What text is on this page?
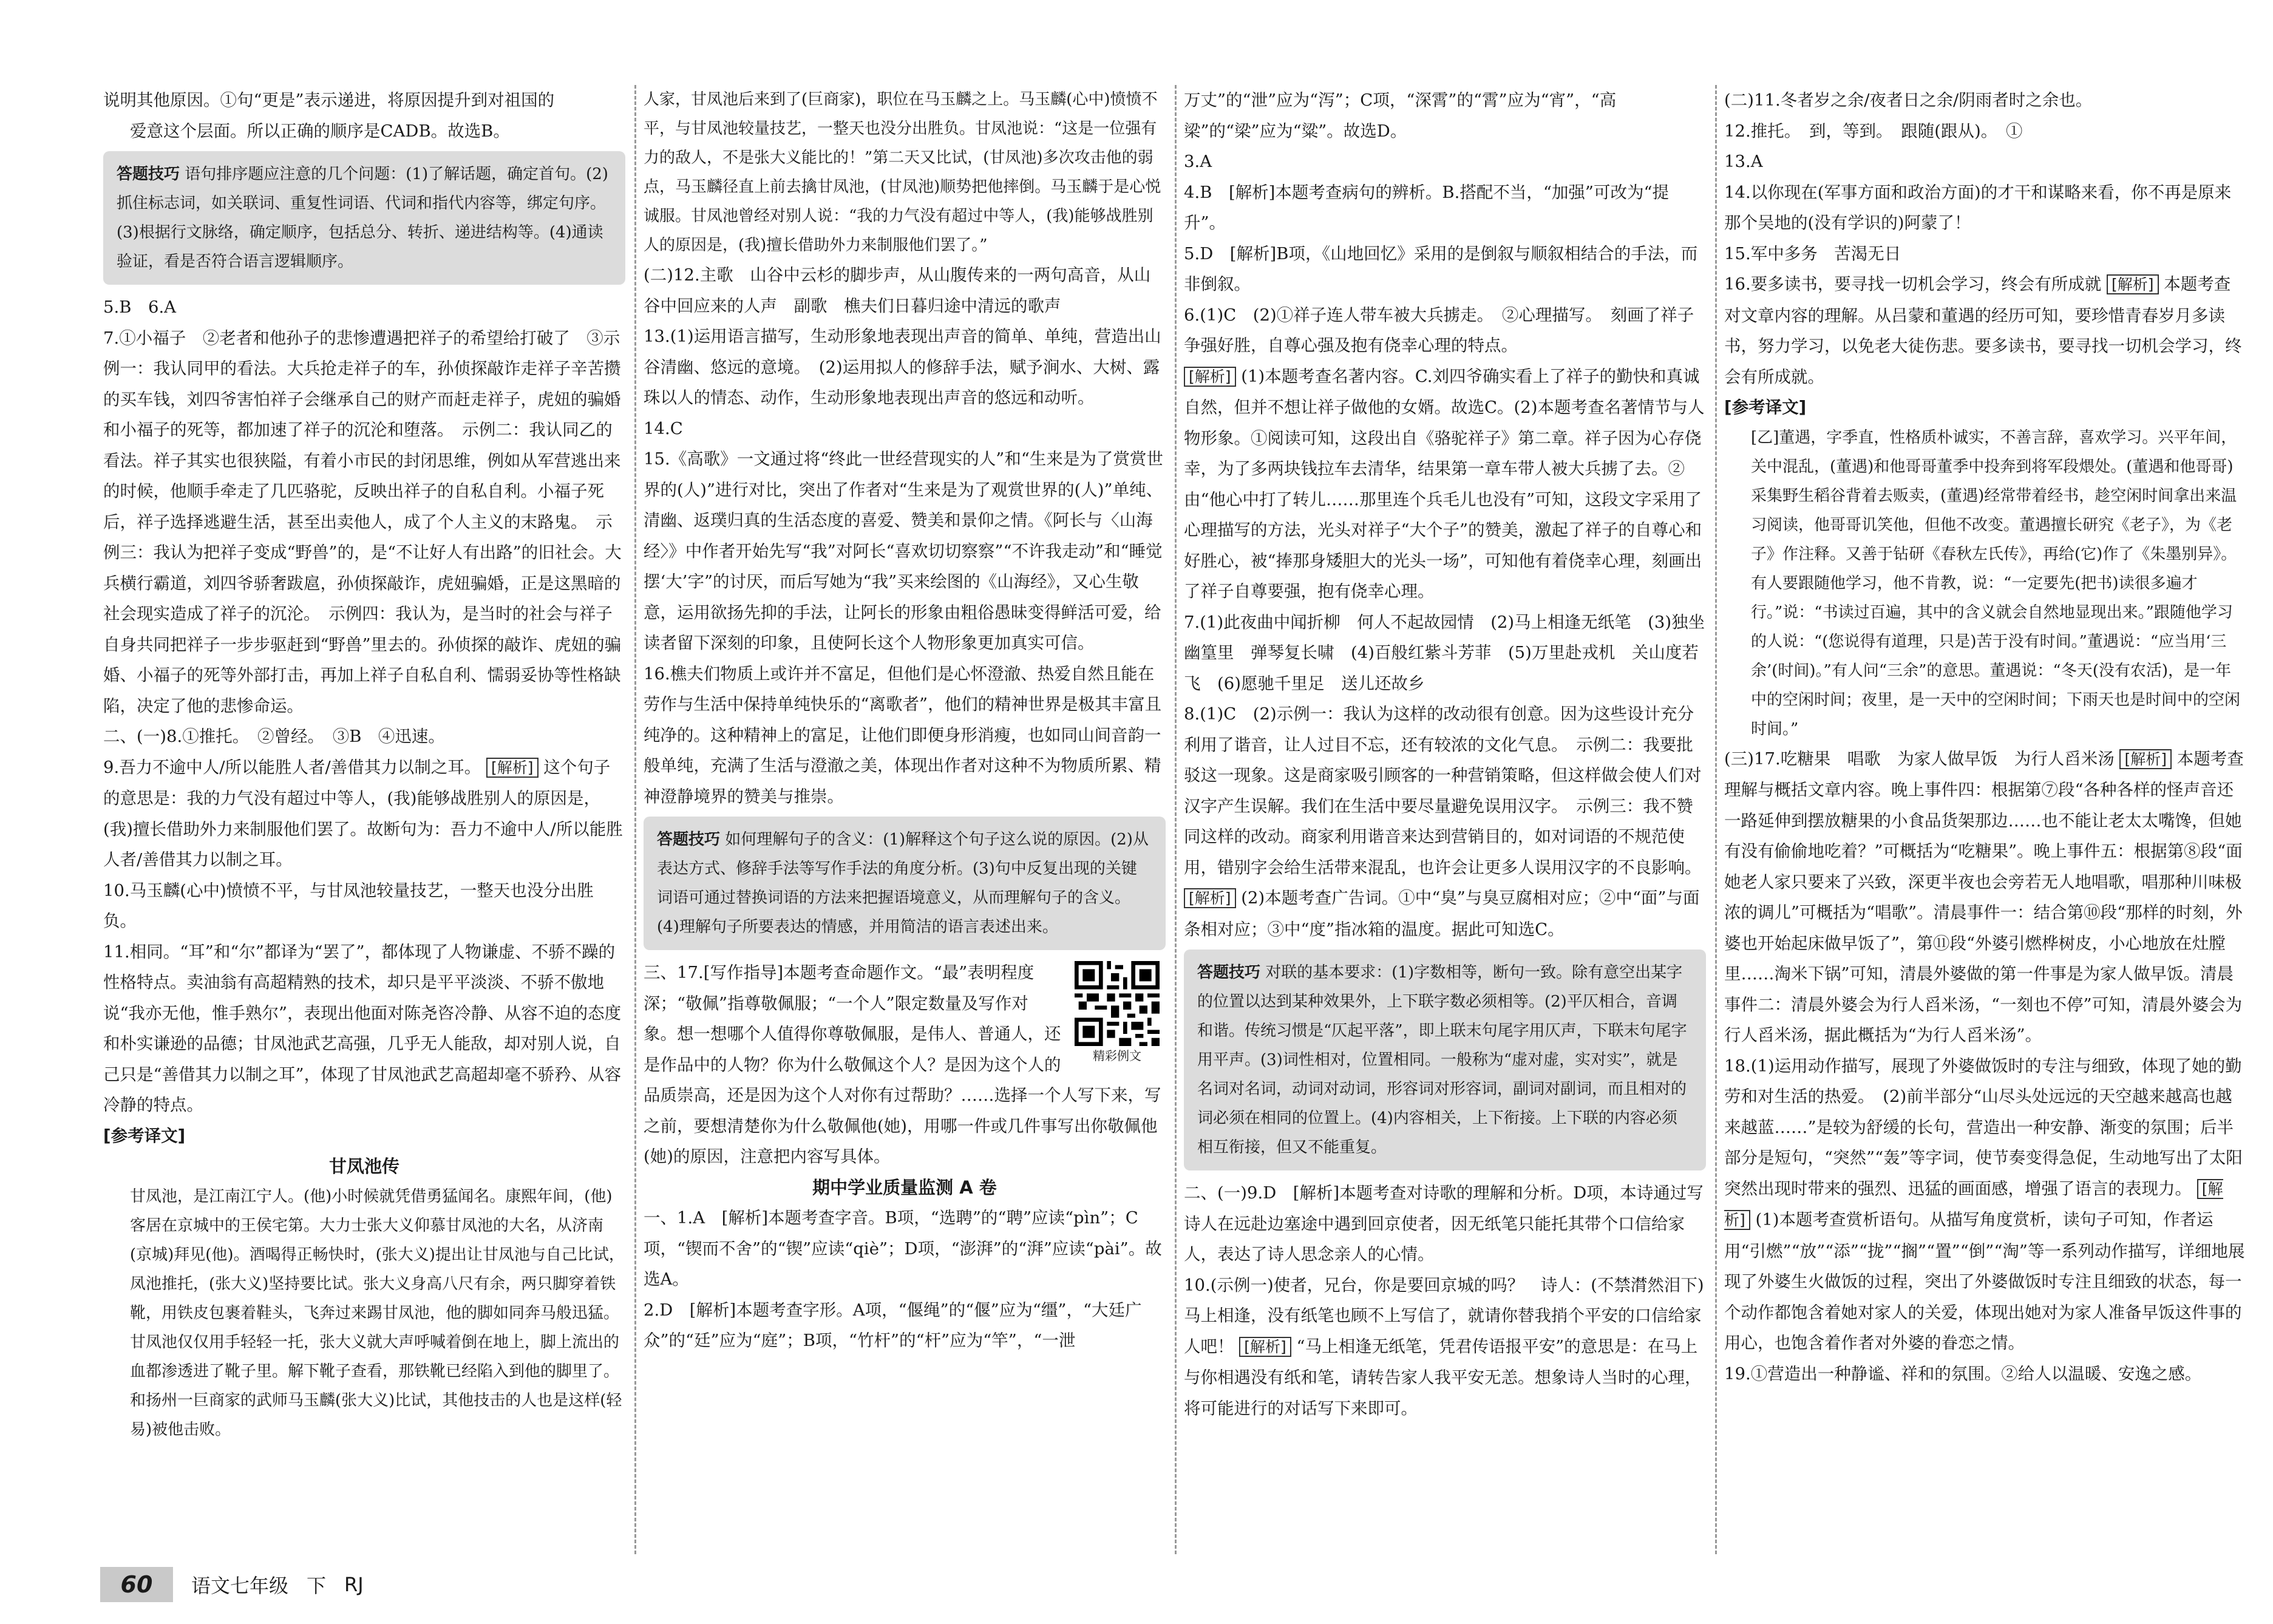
说明其他原因。①句“更是”表示递进，将原因提升到对祖国的

爱意这个层面。所以正确的顺序是CADB。故选B。

答题技巧 语句排序题应注意的几个问题：(1)了解话题，确定首句。(2)抓住标志词，如关联词、重复性词语、代词和指代内容等，绑定句序。(3)根据行文脉络，确定顺序，包括总分、转折、递进结构等。(4)通读验证，看是否符合语言逻辑顺序。

5.B　6.A

7.①小福子　②老者和他孙子的悲惨遭遇把祥子的希望给打破了　③示例一：我认同甲的看法。大兵抢走祥子的车，孙侦探敲诈走祥子辛苦攒的买车钱，刘四爷害怕祥子会继承自己的财产而赶走祥子，虎妞的骗婚和小福子的死等，都加速了祥子的沉沦和堕落。　示例二：我认同乙的看法。祥子其实也很狭隘，有着小市民的封闭思维，例如从军营逃出来的时候，他顺手牵走了几匹骆驼，反映出祥子的自私自利。小福子死后，祥子选择逃避生活，甚至出卖他人，成了个人主义的末路鬼。　示例三：我认为把祥子变成“野兽”的，是“不让好人有出路”的旧社会。大兵横行霸道，刘四爷骄奢跋扈，孙侦探敲诈，虎妞骗婚，正是这黑暗的社会现实造成了祥子的沉沦。　示例四：我认为，是当时的社会与祥子自身共同把祥子一步步驱赶到“野兽”里去的。孙侦探的敲诈、虎妞的骗婚、小福子的死等外部打击，再加上祥子自私自利、懦弱妥协等性格缺陷，决定了他的悲惨命运。

二、(一)8.①推托。　②曾经。　③B　④迅速。

9.吾力不逾中人/所以能胜人者/善借其力以制之耳。 [解析] 这个句子的意思是：我的力气没有超过中等人，(我)能够战胜别人的原因是，(我)擅长借助外力来制服他们罢了。故断句为：吾力不逾中人/所以能胜人者/善借其力以制之耳。

10.马玉麟(心中)愤愤不平，与甘凤池较量技艺，一整天也没分出胜负。

11.相同。“耳”和“尔”都译为“罢了”，都体现了人物谦虚、不骄不躁的性格特点。卖油翁有高超精熟的技术，却只是平平淡淡、不骄不傲地说“我亦无他，惟手熟尔”，表现出他面对陈尧咨冷静、从容不迫的态度和朴实谦逊的品德；甘凤池武艺高强，几乎无人能敌，却对别人说，自己只是“善借其力以制之耳”，体现了甘凤池武艺高超却毫不骄矜、从容冷静的特点。

[参考译文]

甘凤池传

甘凤池，是江南江宁人。(他)小时候就凭借勇猛闻名。康熙年间，(他)客居在京城中的王侯宅第。大力士张大义仰慕甘凤池的大名，从济南(京城)拜见(他)。酒喝得正畅快时，(张大义)提出让甘凤池与自己比试，凤池推托，(张大义)坚持要比试。张大义身高八尺有余，两只脚穿着铁靴，用铁皮包裹着鞋头，飞奔过来踢甘凤池，他的脚如同奔马般迅猛。甘凤池仅仅用手轻轻一托，张大义就大声呼喊着倒在地上，脚上流出的血都渗透进了靴子里。解下靴子查看，那铁靴已经陷入到他的脚里了。和扬州一巨商家的武师马玉麟(张大义)比试，其他技击的人也是这样(轻易)被他击败。

人家，甘凤池后来到了(巨商家)，职位在马玉麟之上。马玉麟(心中)愤愤不平，与甘凤池较量技艺，一整天也没分出胜负。甘凤池说：“这是一位强有力的敌人，不是张大义能比的！”第二天又比试，(甘凤池)多次攻击他的弱点，马玉麟径直上前去擒甘凤池，(甘凤池)顺势把他摔倒。马玉麟于是心悦诚服。甘凤池曾经对别人说：“我的力气没有超过中等人，(我)能够战胜别人的原因是，(我)擅长借助外力来制服他们罢了。”

(二)12.主歌　山谷中云杉的脚步声，从山腹传来的一两句高音，从山谷中回应来的人声　副歌　樵夫们日暮归途中清远的歌声

13.(1)运用语言描写，生动形象地表现出声音的简单、单纯，营造出山谷清幽、悠远的意境。　(2)运用拟人的修辞手法，赋予涧水、大树、露珠以人的情态、动作，生动形象地表现出声音的悠远和动听。

14.C

15.《高歌》一文通过将“终此一世经营现实的人”和“生来是为了赏赏世界的(人)”进行对比，突出了作者对“生来是为了观赏世界的(人)”单纯、清幽、返璞归真的生活态度的喜爱、赞美和景仰之情。《阿长与〈山海经〉》中作者开始先写“我”对阿长“喜欢切切察察”“不许我走动”和“睡觉摆‘大’字”的讨厌，而后写她为“我”买来绘图的《山海经》，又心生敬意，运用欲扬先抑的手法，让阿长的形象由粗俗愚昧变得鲜活可爱，给读者留下深刻的印象，且使阿长这个人物形象更加真实可信。

16.樵夫们物质上或许并不富足，但他们是心怀澄澈、热爱自然且能在劳作与生活中保持单纯快乐的“离歌者”，他们的精神世界是极其丰富且纯净的。这种精神上的富足，让他们即便身形消瘦，也如同山间音韵一般单纯，充满了生活与澄澈之美，体现出作者对这种不为物质所累、精神澄静境界的赞美与推崇。

答题技巧 如何理解句子的含义：(1)解释这个句子这么说的原因。(2)从表达方式、修辞手法等写作手法的角度分析。(3)句中反复出现的关键词语可通过替换词语的方法来把握语境意义，从而理解句子的含义。(4)理解句子所要表达的情感，并用简洁的语言表述出来。
精彩例文

三、17.[写作指导]本题考查命题作文。“最”表明程度深；“敬佩”指尊敬佩服；“一个人”限定数量及写作对象。想一想哪个人值得你尊敬佩服，是伟人、普通人，还是作品中的人物？你为什么敬佩这个人？是因为这个人的品质崇高，还是因为这个人对你有过帮助？……选择一个人写下来，写之前，要想清楚你为什么敬佩他(她)，用哪一件或几件事写出你敬佩他(她)的原因，注意把内容写具体。

期中学业质量监测 A 卷

一、1.A　[解析]本题考查字音。B项，“选聘”的“聘”应读“pìn”；C项，“锲而不舍”的“锲”应读“qiè”；D项，“澎湃”的“湃”应读“pài”。故选A。

2.D　[解析]本题考查字形。A项，“偃绳”的“偃”应为“缰”，“大廷广众”的“廷”应为“庭”；B项，“竹杆”的“杆”应为“竿”，“一泄

万丈”的“泄”应为“泻”；C项，“深霄”的“霄”应为“宵”，“高梁”的“梁”应为“粱”。故选D。

3.A

4.B　[解析]本题考查病句的辨析。B.搭配不当，“加强”可改为“提升”。

5.D　[解析]B项，《山地回忆》采用的是倒叙与顺叙相结合的手法，而非倒叙。

6.(1)C　(2)①祥子连人带车被大兵掳走。　②心理描写。　刻画了祥子争强好胜，自尊心强及抱有侥幸心理的特点。

[解析] (1)本题考查名著内容。C.刘四爷确实看上了祥子的勤快和真诚自然，但并不想让祥子做他的女婿。故选C。(2)本题考查名著情节与人物形象。①阅读可知，这段出自《骆驼祥子》第二章。祥子因为心存侥幸，为了多两块钱拉车去清华，结果第一章车带人被大兵掳了去。②由“他心中打了转儿……那里连个兵毛儿也没有”可知，这段文字采用了心理描写的方法，光头对祥子“大个子”的赞美，激起了祥子的自尊心和好胜心，被“捧那身矮胆大的光头一场”，可知他有着侥幸心理，刻画出了祥子自尊要强，抱有侥幸心理。

7.(1)此夜曲中闻折柳　何人不起故园情　(2)马上相逢无纸笔　(3)独坐幽篁里　弹琴复长啸　(4)百般红紫斗芳菲　(5)万里赴戎机　关山度若飞　(6)愿驰千里足　送儿还故乡

8.(1)C　(2)示例一：我认为这样的改动很有创意。因为这些设计充分利用了谐音，让人过目不忘，还有较浓的文化气息。　示例二：我要批驳这一现象。这是商家吸引顾客的一种营销策略，但这样做会使人们对汉字产生误解。我们在生活中要尽量避免误用汉字。　示例三：我不赞同这样的改动。商家利用谐音来达到营销目的，如对词语的不规范使用，错别字会给生活带来混乱，也许会让更多人误用汉字的不良影响。

[解析] (2)本题考查广告词。①中“臭”与臭豆腐相对应；②中“面”与面条相对应；③中“度”指冰箱的温度。据此可知选C。

答题技巧 对联的基本要求：(1)字数相等，断句一致。除有意空出某字的位置以达到某种效果外，上下联字数必须相等。(2)平仄相合，音调和谐。传统习惯是“仄起平落”，即上联末句尾字用仄声，下联末句尾字用平声。(3)词性相对，位置相同。一般称为“虚对虚，实对实”，就是名词对名词，动词对动词，形容词对形容词，副词对副词，而且相对的词必须在相同的位置上。(4)内容相关，上下衔接。上下联的内容必须相互衔接，但又不能重复。

二、(一)9.D　[解析]本题考查对诗歌的理解和分析。D项，本诗通过写诗人在远赴边塞途中遇到回京使者，因无纸笔只能托其带个口信给家人，表达了诗人思念亲人的心情。

10.(示例一)使者，兄台，你是要回京城的吗？　诗人：(不禁潸然泪下)马上相逢，没有纸笔也顾不上写信了，就请你替我捎个平安的口信给家人吧！ [解析] “马上相逢无纸笔，凭君传语报平安”的意思是：在马上与你相遇没有纸和笔，请转告家人我平安无恙。想象诗人当时的心理，将可能进行的对话写下来即可。

(二)11.冬者岁之余/夜者日之余/阴雨者时之余也。

12.推托。　到，等到。　跟随(跟从)。　①

13.A

14.以你现在(军事方面和政治方面)的才干和谋略来看，你不再是原来那个吴地的(没有学识的)阿蒙了！

15.军中多务　苦渴无日

16.要多读书，要寻找一切机会学习，终会有所成就 [解析] 本题考查对文章内容的理解。从吕蒙和董遇的经历可知，要珍惜青春岁月多读书，努力学习，以免老大徒伤悲。要多读书，要寻找一切机会学习，终会有所成就。

[参考译文]

[乙]董遇，字季直，性格质朴诚实，不善言辞，喜欢学习。兴平年间，关中混乱，(董遇)和他哥哥董季中投奔到将军段煨处。(董遇和他哥哥)采集野生稻谷背着去贩卖，(董遇)经常带着经书，趁空闲时间拿出来温习阅读，他哥哥讥笑他，但他不改变。董遇擅长研究《老子》，为《老子》作注释。又善于钻研《春秋左氏传》，再给(它)作了《朱墨别异》。有人要跟随他学习，他不肯教，说：“一定要先(把书)读很多遍才行。”说：“书读过百遍，其中的含义就会自然地显现出来。”跟随他学习的人说：“(您说得有道理，只是)苦于没有时间。”董遇说：“应当用‘三余’(时间)。”有人问“三余”的意思。董遇说：“冬天(没有农活)，是一年中的空闲时间；夜里，是一天中的空闲时间；下雨天也是时间中的空闲时间。”

(三)17.吃糖果　唱歌　为家人做早饭　为行人舀米汤 [解析] 本题考查理解与概括文章内容。晚上事件四：根据第⑦段“各种各样的怪声音还一路延伸到摆放糖果的小食品货架那边……也不能让老太太嘴馋，但她有没有偷偷地吃着？”可概括为“吃糖果”。晚上事件五：根据第⑧段“面她老人家只要来了兴致，深更半夜也会旁若无人地唱歌，唱那种川味极浓的调儿”可概括为“唱歌”。清晨事件一：结合第⑩段“那样的时刻，外婆也开始起床做早饭了”，第⑪段“外婆引燃桦树皮，小心地放在灶膛里……淘米下锅”可知，清晨外婆做的第一件事是为家人做早饭。清晨事件二：清晨外婆会为行人舀米汤，“一刻也不停”可知，清晨外婆会为行人舀米汤，据此概括为“为行人舀米汤”。

18.(1)运用动作描写，展现了外婆做饭时的专注与细致，体现了她的勤劳和对生活的热爱。　(2)前半部分“山尽头处远远的天空越来越高也越来越蓝……”是较为舒缓的长句，营造出一种安静、渐变的氛围；后半部分是短句，“突然”“轰”等字词，使节奏变得急促，生动地写出了太阳突然出现时带来的强烈、迅猛的画面感，增强了语言的表现力。 [解析] (1)本题考查赏析语句。从描写角度赏析，读句子可知，作者运用“引燃”“放”“添”“拢”“搁”“置”“倒”“淘”等一系列动作描写，详细地展现了外婆生火做饭的过程，突出了外婆做饭时专注且细致的状态，每一个动作都饱含着她对家人的关爱，体现出她对为家人准备早饭这件事的用心，也饱含着作者对外婆的眷恋之情。

19.①营造出一种静谧、祥和的氛围。②给人以温暖、安逸之感。

60	语文七年级 下 RJ
